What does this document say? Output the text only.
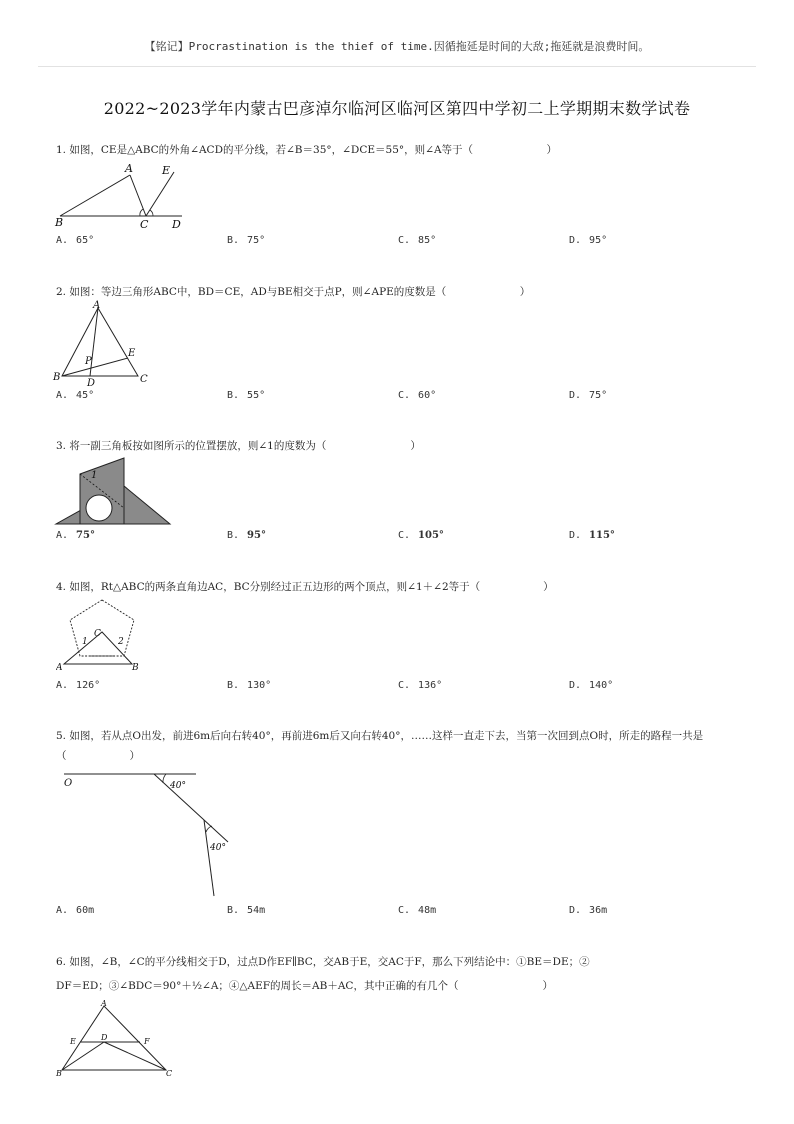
【铭记】Procrastination is the thief of time.因循拖延是时间的大敌;拖延就是浪费时间。
2022~2023学年内蒙古巴彦淖尔临河区临河区第四中学初二上学期期末数学试卷
1. 如图，CE是△ABC的外角∠ACD的平分线，若∠B＝35°，∠DCE＝55°，则∠A等于（　　　　　　　）
A	E
B	C D
A. 65°	B. 75°	C. 85°	D. 95°
2. 如图：等边三角形ABC中，BD＝CE，AD与BE相交于点P，则∠APE的度数是（　　　　　　　）
A
E
P
B
D	C
A. 45°	B. 55°	C. 60°	D. 75°
3. 将一副三角板按如图所示的位置摆放，则∠1的度数为（　　　　　　　　）
1
A. 75°	B. 95°	C. 105°	D. 115°
4. 如图，Rt△ABC的两条直角边AC，BC分别经过正五边形的两个顶点，则∠1＋∠2等于（　　　　　　）
C
1	2
A	B
A. 126°	B. 130°	C. 136°	D. 140°
5. 如图，若从点O出发，前进6m后向右转40°，再前进6m后又向右转40°，……这样一直走下去，当第一次回到点O时，所走的路程一共是（　　　　　　）
O	40°
40°
A. 60m	B. 54m	C. 48m	D. 36m
6. 如图，∠B，∠C的平分线相交于D，过点D作EF∥BC，交AB于E，交AC于F，那么下列结论中：①BE＝DE；②
DF＝ED；③∠BDC＝90°＋½∠A；④△AEF的周长＝AB＋AC，其中正确的有几个（　　　　　　　　）
A
E	D	F
B	C
